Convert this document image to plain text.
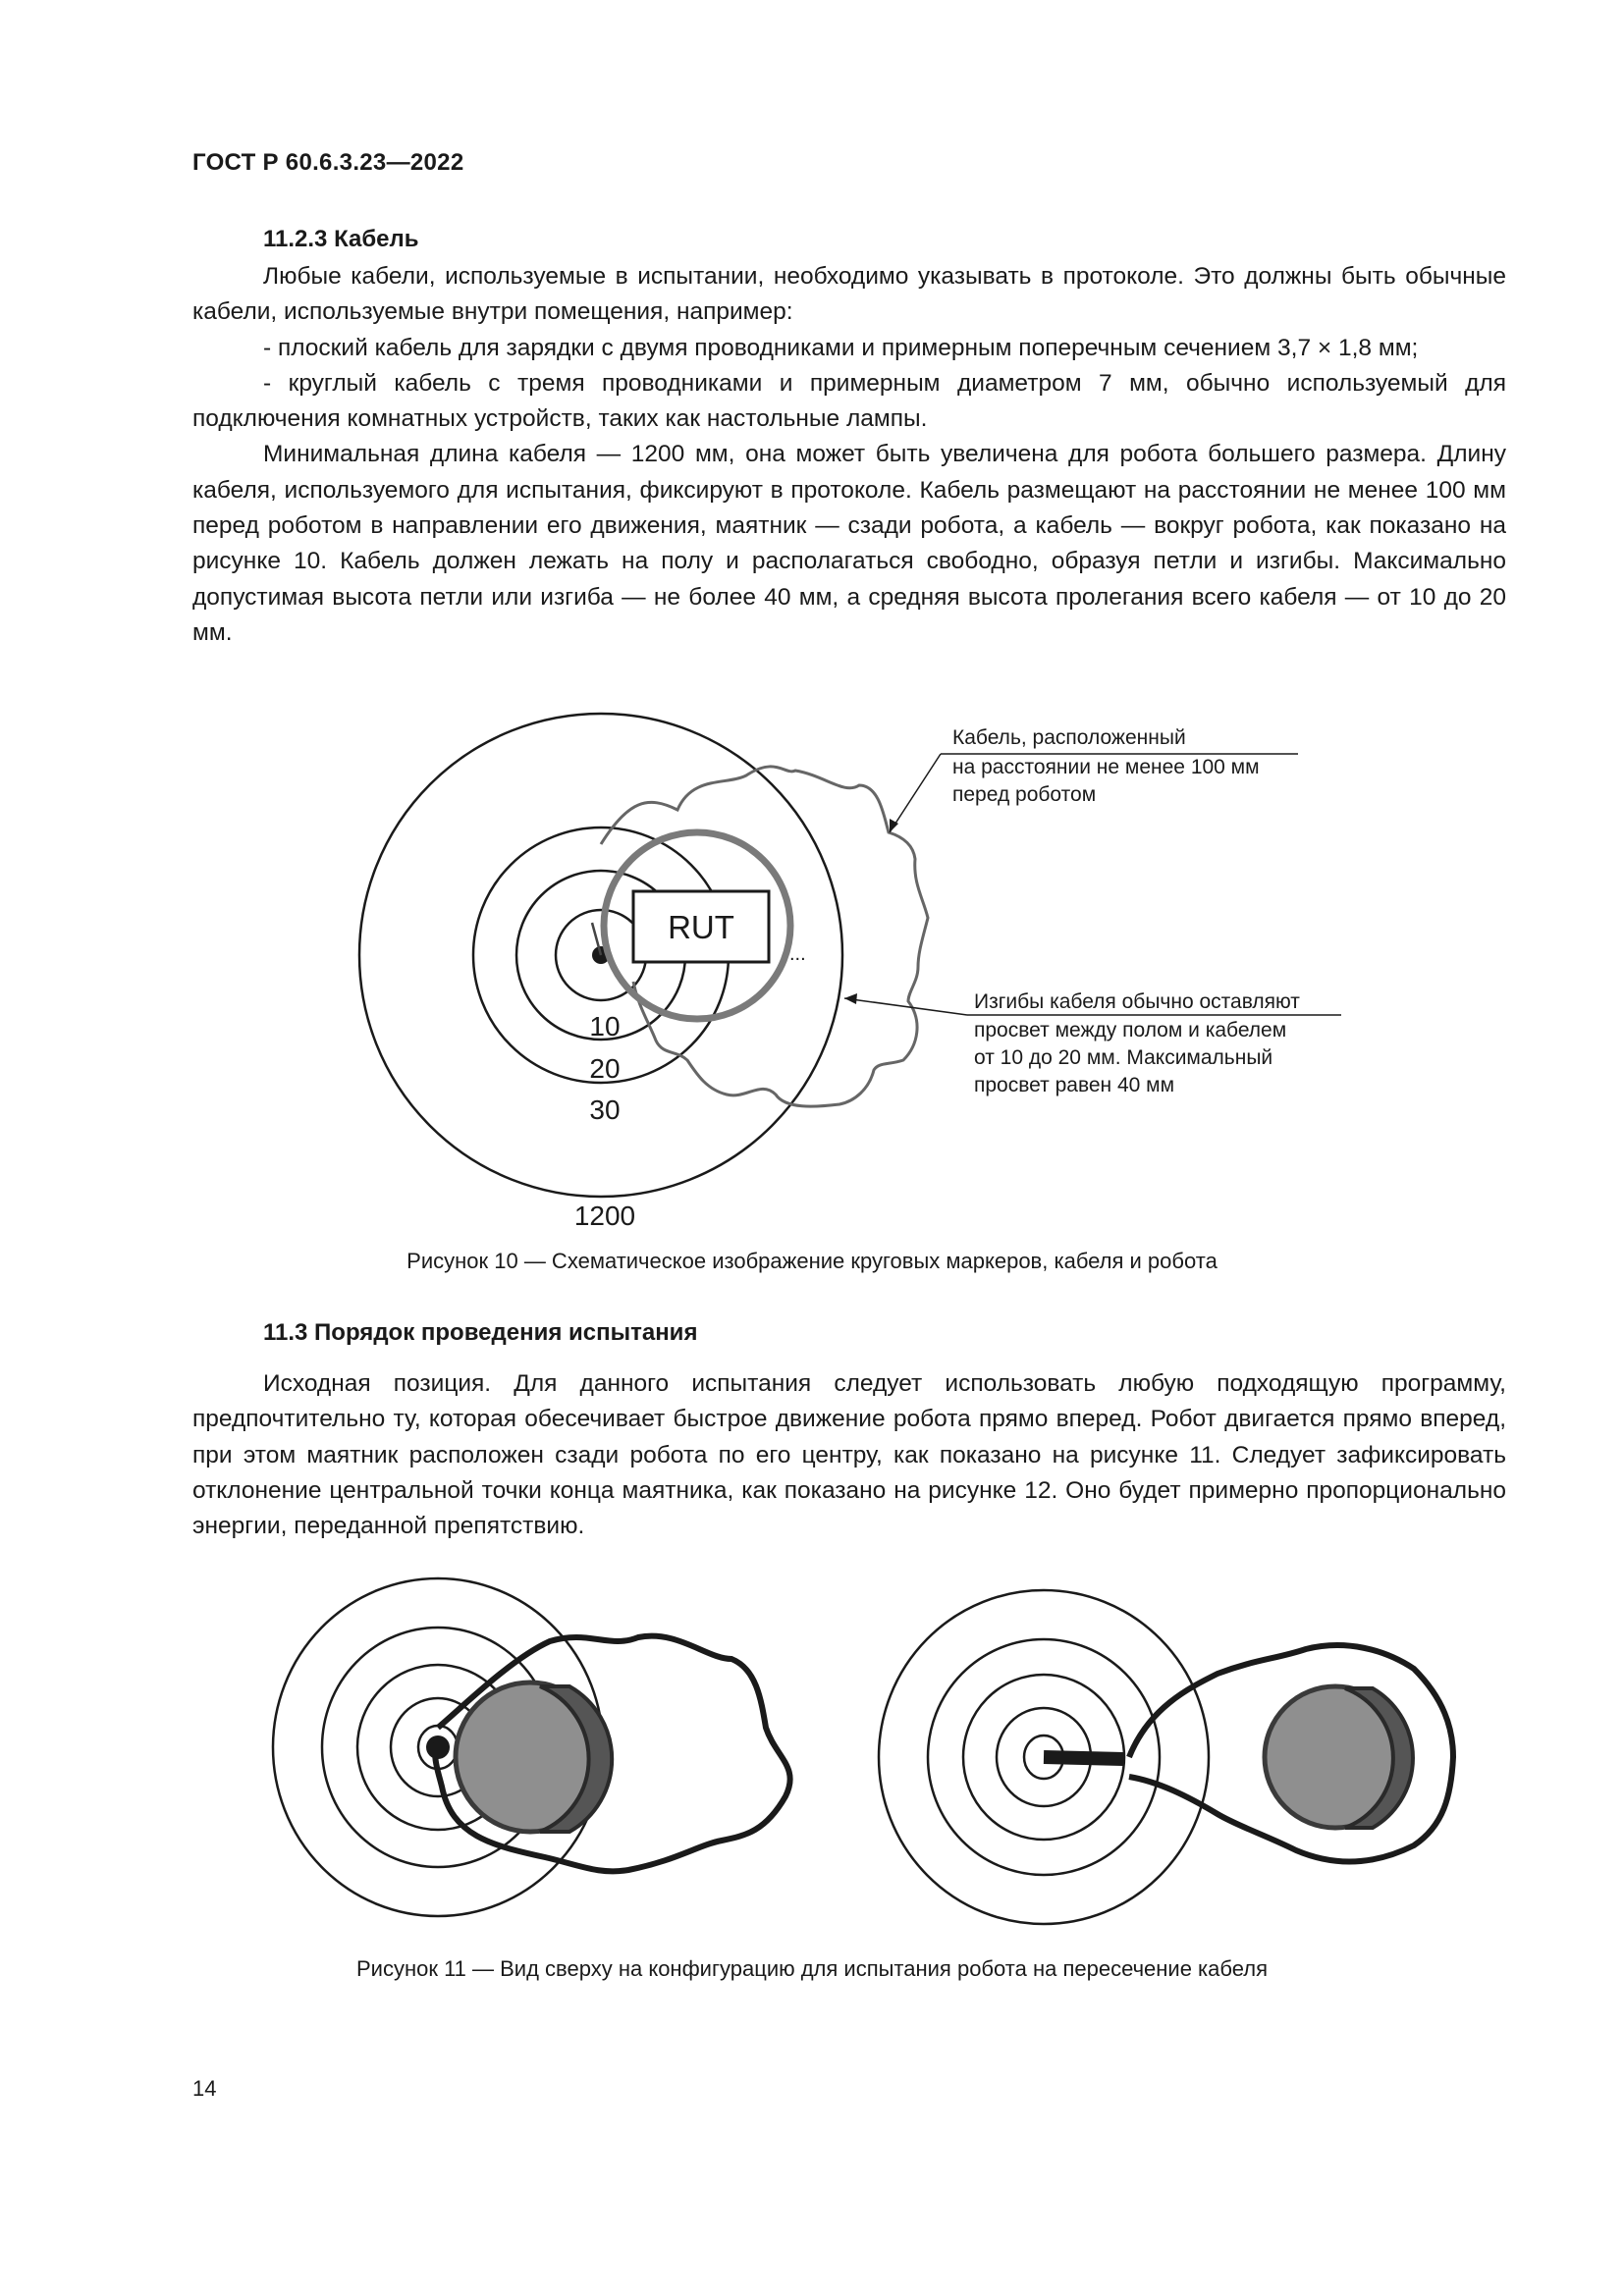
ГОСТ Р 60.6.3.23—2022
11.2.3 Кабель

Любые кабели, используемые в испытании, необходимо указывать в протоколе. Это должны быть обычные кабели, используемые внутри помещения, например:

- плоский кабель для зарядки с двумя проводниками и примерным поперечным сечением 3,7 × 1,8 мм;

- круглый кабель с тремя проводниками и примерным диаметром 7 мм, обычно используемый для подключения комнатных устройств, таких как настольные лампы.

Минимальная длина кабеля — 1200 мм, она может быть увеличена для робота большего размера. Длину кабеля, используемого для испытания, фиксируют в протоколе. Кабель размещают на расстоянии не менее 100 мм перед роботом в направлении его движения, маятник — сзади робота, а кабель — вокруг робота, как показано на рисунке 10. Кабель должен лежать на полу и располагаться свободно, образуя петли и изгибы. Максимально допустимая высота петли или изгиба — не более 40 мм, а средняя высота пролегания всего кабеля — от 10 до 20 мм.

RUT
...
10
20
30
1200
Кабель, расположенный
на расстоянии не менее 100 мм
перед роботом
Изгибы кабеля обычно оставляют
просвет между полом и кабелем
от 10 до 20 мм. Максимальный
просвет равен 40 мм
Рисунок 10 — Схематическое изображение круговых маркеров, кабеля и робота
11.3 Порядок проведения испытания

Исходная позиция. Для данного испытания следует использовать любую подходящую программу, предпочтительно ту, которая обесечивает быстрое движение робота прямо вперед. Робот двигается прямо вперед, при этом маятник расположен сзади робота по его центру, как показано на рисунке 11. Следует зафиксировать отклонение центральной точки конца маятника, как показано на рисунке 12. Оно будет примерно пропорционально энергии, переданной препятствию.

Рисунок 11 — Вид сверху на конфигурацию для испытания робота на пересечение кабеля
14
